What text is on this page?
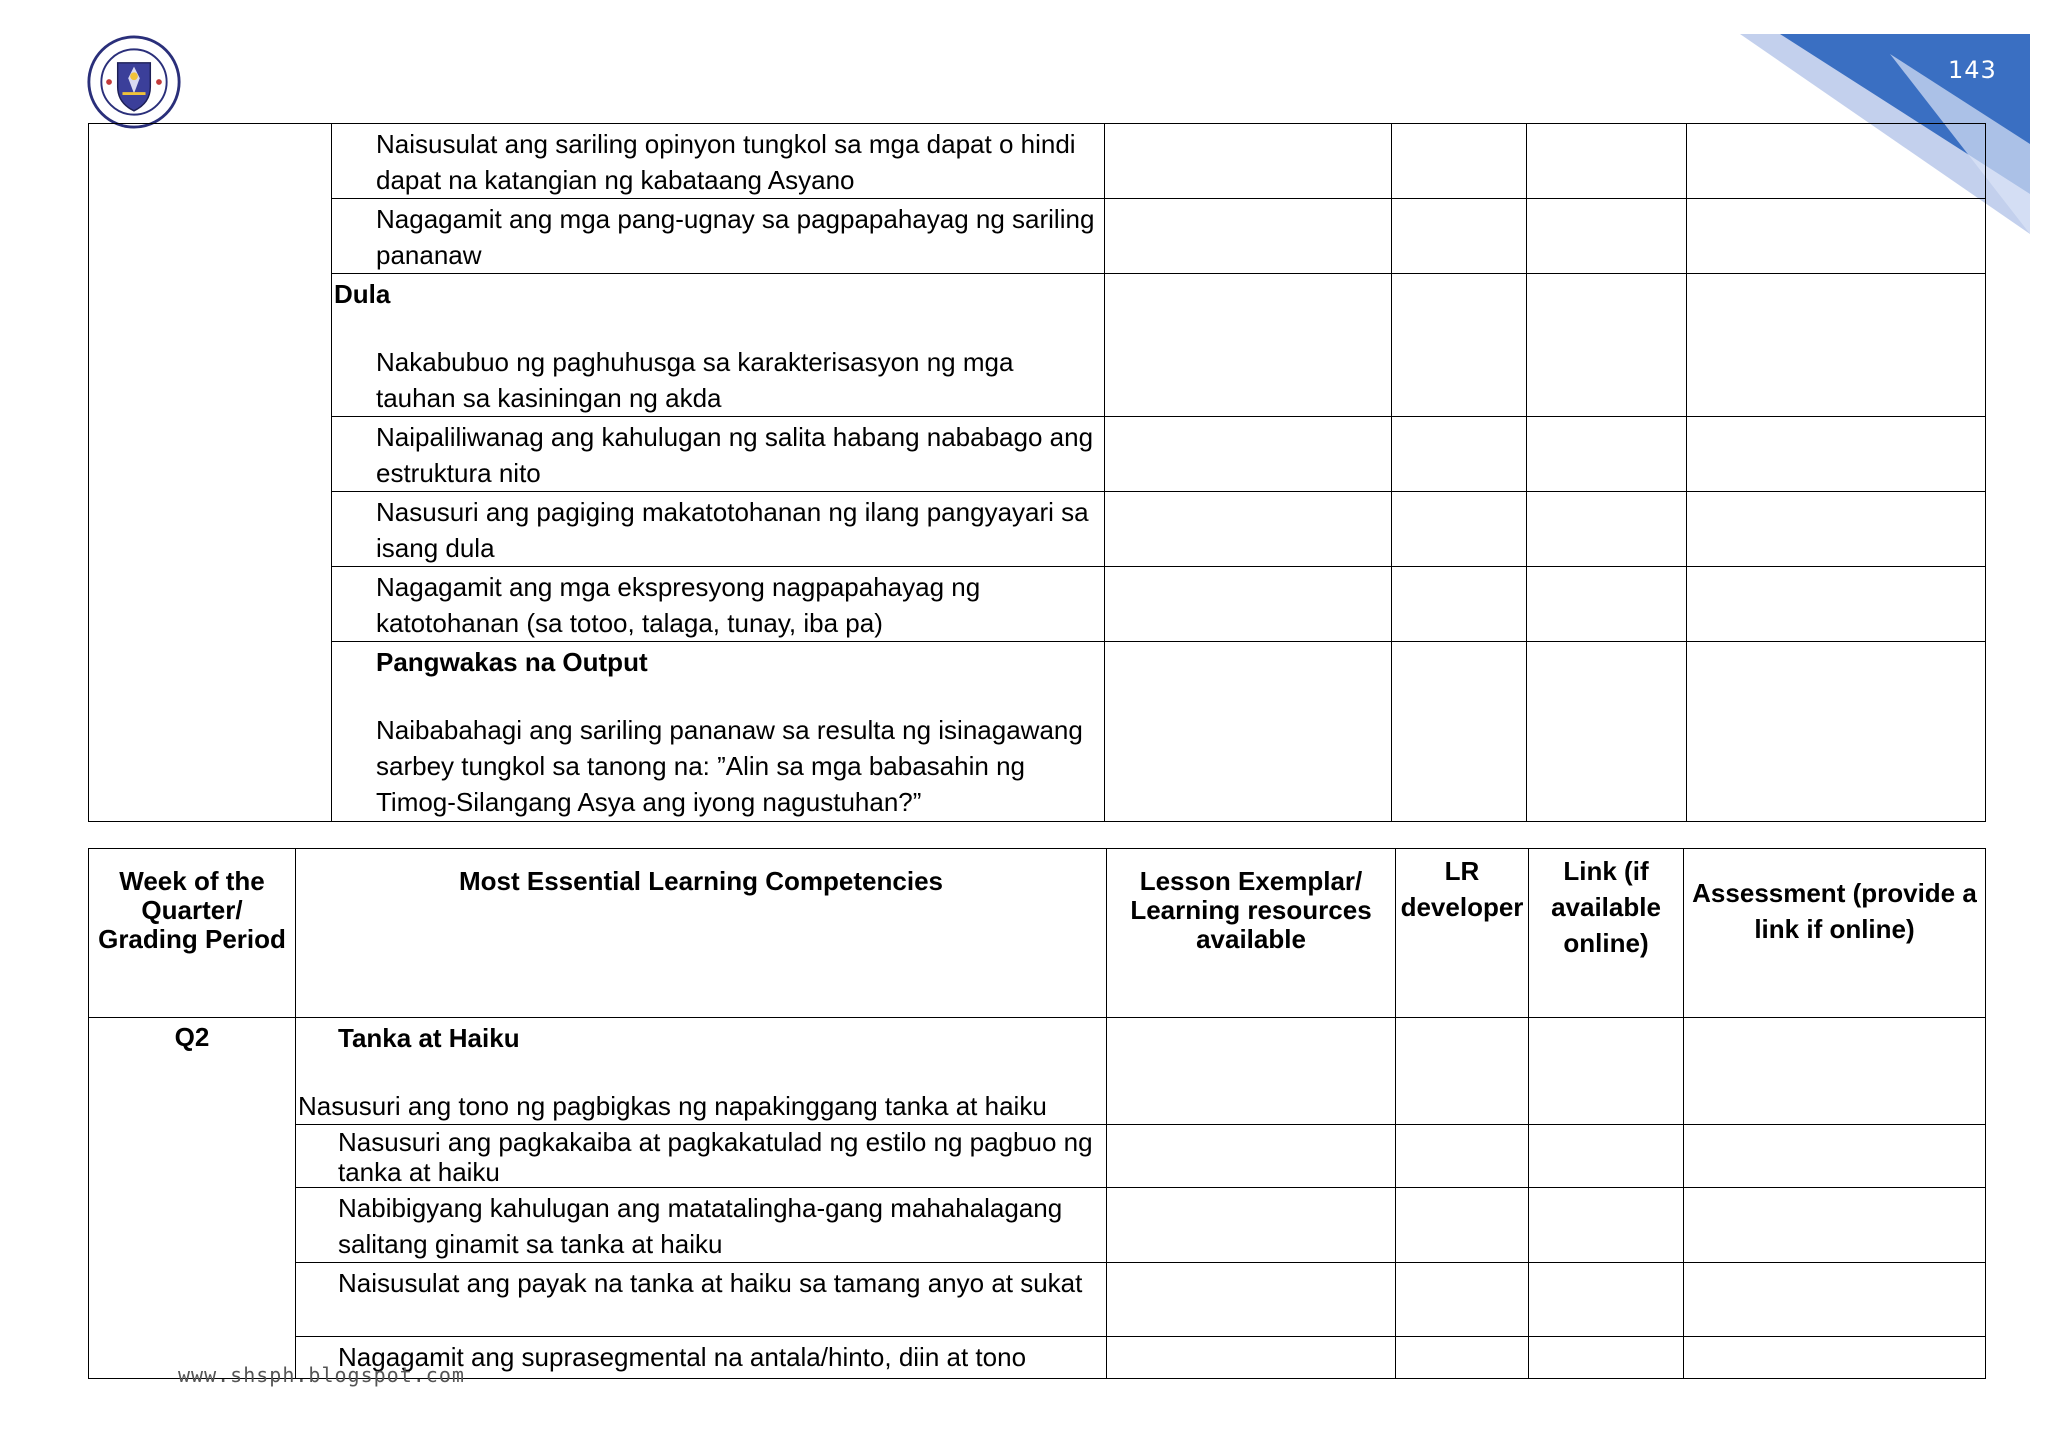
143

	Naisusulat ang sariling opinyon tungkol sa mga dapat o hindi dapat na katangian ng kabataang Asyano				

	Nagagamit ang mga pang-ugnay sa pagpapahayag ng sariling pananaw				

	Dula
Nakabubuo ng paghuhusga sa karakterisasyon ng mga tauhan sa kasiningan ng akda				

	Naipaliliwanag ang kahulugan ng salita habang nababago ang estruktura nito				

	Nasusuri ang pagiging makatotohanan ng ilang pangyayari sa isang dula				

	Nagagamit ang mga ekspresyong nagpapahayag ng katotohanan (sa totoo, talaga, tunay, iba pa)				

	Pangwakas na Output
Naibabahagi ang sariling pananaw sa resulta ng isinagawang sarbey tungkol sa tanong na: ”Alin sa mga babasahin ng Timog-Silangang Asya ang iyong nagustuhan?”				

Week of the Quarter/ Grading Period	Most Essential Learning Competencies	Lesson Exemplar/ Learning resources available	LR developer	Link (if available online)	Assessment (provide a link if online)
Q2	Tanka at Haiku
Nasusuri ang tono ng pagbigkas ng napakinggang tanka at haiku				

	Nasusuri ang pagkakaiba at pagkakatulad ng estilo ng pagbuo ng tanka at haiku				

	Nabibigyang kahulugan ang matatalingha-gang mahahalagang salitang ginamit sa tanka at haiku				

	Naisusulat ang payak na tanka at haiku sa tamang anyo at sukat				

	Nagagamit ang suprasegmental na antala/hinto, diin at tono				

www.shsph.blogspot.com
